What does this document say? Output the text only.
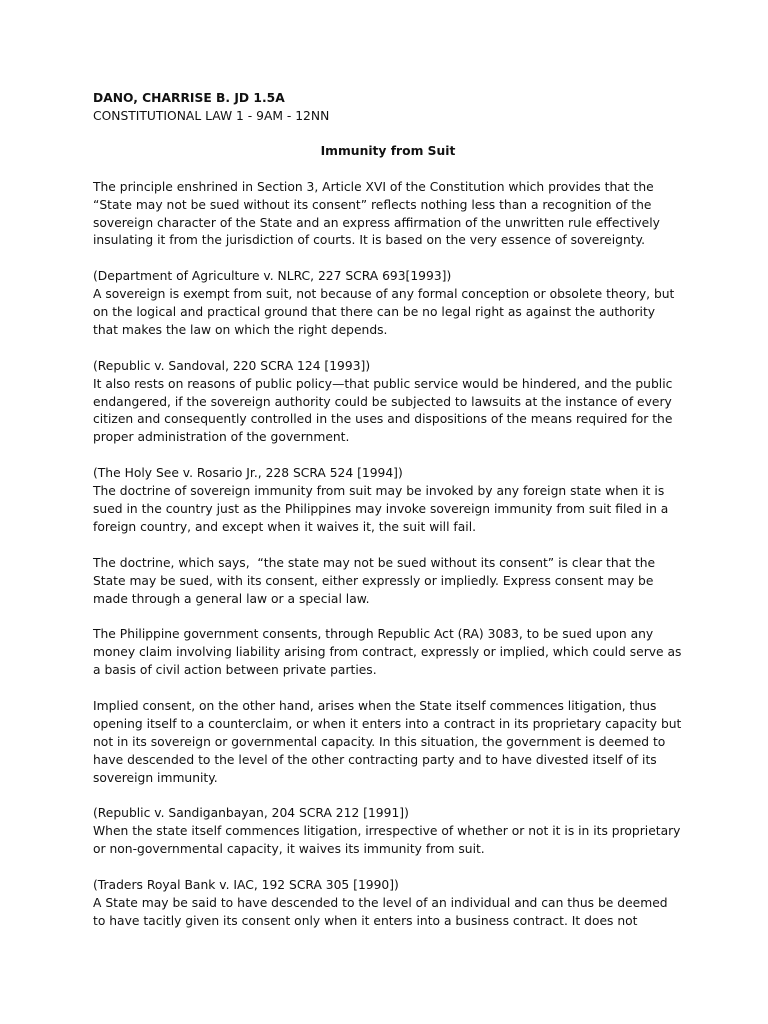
DANO, CHARRISE B. JD 1.5A

CONSTITUTIONAL LAW 1 - 9AM - 12NN

Immunity from Suit

The principle enshrined in Section 3, Article XVI of the Constitution which provides that the “State may not be sued without its consent” reflects nothing less than a recognition of the sovereign character of the State and an express affirmation of the unwritten rule effectively insulating it from the jurisdiction of courts. It is based on the very essence of sovereignty.

(Department of Agriculture v. NLRC, 227 SCRA 693[1993])
A sovereign is exempt from suit, not because of any formal conception or obsolete theory, but on the logical and practical ground that there can be no legal right as against the authority that makes the law on which the right depends.

(Republic v. Sandoval, 220 SCRA 124 [1993])
It also rests on reasons of public policy—that public service would be hindered, and the public endangered, if the sovereign authority could be subjected to lawsuits at the instance of every citizen and consequently controlled in the uses and dispositions of the means required for the proper administration of the government.

(The Holy See v. Rosario Jr., 228 SCRA 524 [1994])
The doctrine of sovereign immunity from suit may be invoked by any foreign state when it is sued in the country just as the Philippines may invoke sovereign immunity from suit filed in a foreign country, and except when it waives it, the suit will fail.

The doctrine, which says,  “the state may not be sued without its consent” is clear that the State may be sued, with its consent, either expressly or impliedly. Express consent may be made through a general law or a special law.

The Philippine government consents, through Republic Act (RA) 3083, to be sued upon any money claim involving liability arising from contract, expressly or implied, which could serve as a basis of civil action between private parties.

Implied consent, on the other hand, arises when the State itself commences litigation, thus opening itself to a counterclaim, or when it enters into a contract in its proprietary capacity but not in its sovereign or governmental capacity. In this situation, the government is deemed to have descended to the level of the other contracting party and to have divested itself of its sovereign immunity.

(Republic v. Sandiganbayan, 204 SCRA 212 [1991])
When the state itself commences litigation, irrespective of whether or not it is in its proprietary or non-governmental capacity, it waives its immunity from suit.

(Traders Royal Bank v. IAC, 192 SCRA 305 [1990])
A State may be said to have descended to the level of an individual and can thus be deemed to have tacitly given its consent only when it enters into a business contract. It does not
